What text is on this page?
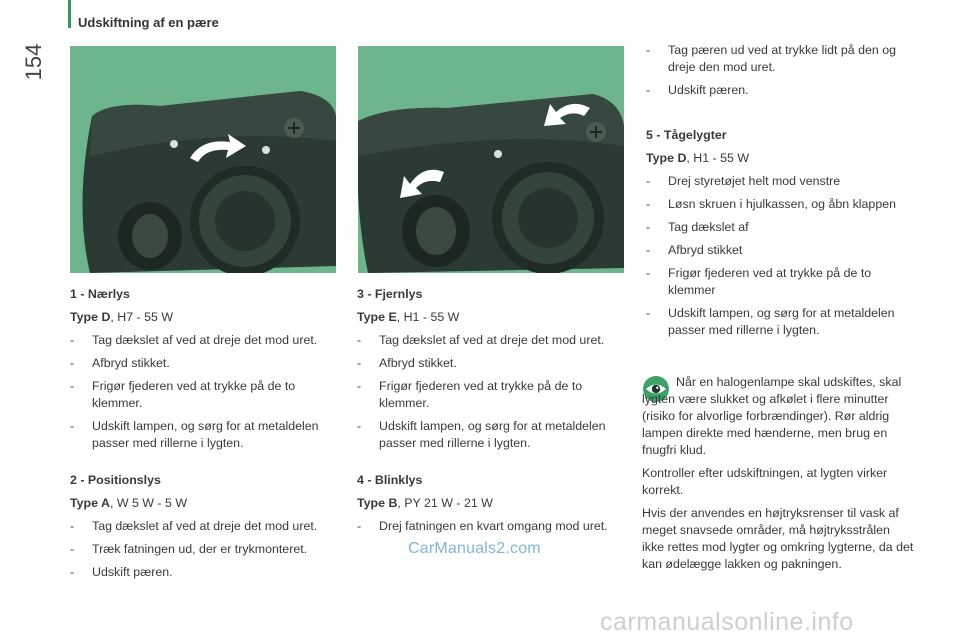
154
Udskiftning af en pære
1 - Nærlys
Type D, H7 - 55 W
- Tag dækslet af ved at dreje det mod uret.
- Afbryd stikket.
- Frigør fjederen ved at trykke på de to klemmer.
- Udskift lampen, og sørg for at metaldelen passer med rillerne i lygten.
2 - Positionslys
Type A, W 5 W - 5 W
- Tag dækslet af ved at dreje det mod uret.
- Træk fatningen ud, der er trykmonteret.
- Udskift pæren.
3 - Fjernlys
Type E, H1 - 55 W
- Tag dækslet af ved at dreje det mod uret.
- Afbryd stikket.
- Frigør fjederen ved at trykke på de to klemmer.
- Udskift lampen, og sørg for at metaldelen passer med rillerne i lygten.
4 - Blinklys
Type B, PY 21 W - 21 W
- Drej fatningen en kvart omgang mod uret.
- Tag pæren ud ved at trykke lidt på den og dreje den mod uret.
- Udskift pæren.
5 - Tågelygter
Type D, H1 - 55 W
- Drej styretøjet helt mod venstre
- Løsn skruen i hjulkassen, og åbn klappen
- Tag dækslet af
- Afbryd stikket
- Frigør fjederen ved at trykke på de to klemmer
- Udskift lampen, og sørg for at metaldelen passer med rillerne i lygten.

Når en halogenlampe skal udskiftes, skal lygten være slukket og afkølet i flere minutter (risiko for alvorlige forbrændinger). Rør aldrig lampen direkte med hænderne, men brug en fnugfri klud.

Kontroller efter udskiftningen, at lygten virker korrekt.

Hvis der anvendes en højtryksrenser til vask af meget snavsede områder, må højtryksstrålen ikke rettes mod lygter og omkring lygterne, da det kan ødelægge lakken og pakningen.

CarManuals2.com
carmanualsonline.info
